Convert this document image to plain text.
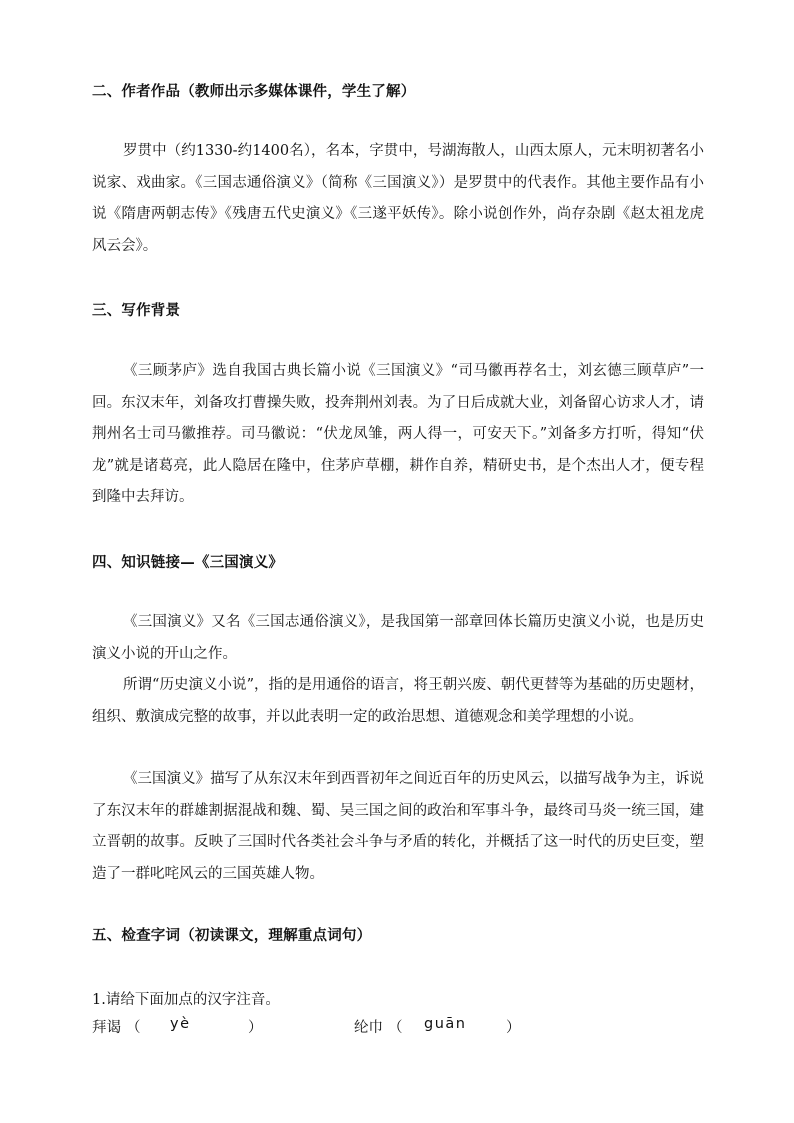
二、作者作品（教师出示多媒体课件，学生了解）
罗贯中（约1330-约1400名），名本，字贯中，号湖海散人，山西太原人，元末明初著名小说家、戏曲家。《三国志通俗演义》（简称《三国演义》）是罗贯中的代表作。其他主要作品有小说《隋唐两朝志传》《残唐五代史演义》《三遂平妖传》。除小说创作外，尚存杂剧《赵太祖龙虎风云会》。
三、写作背景
《三顾茅庐》选自我国古典长篇小说《三国演义》“司马徽再荐名士，刘玄德三顾草庐”一回。东汉末年，刘备攻打曹操失败，投奔荆州刘表。为了日后成就大业，刘备留心访求人才，请荆州名士司马徽推荐。司马徽说：“伏龙凤雏，两人得一，可安天下。”刘备多方打听，得知“伏龙”就是诸葛亮，此人隐居在隆中，住茅庐草棚，耕作自养，精研史书，是个杰出人才，便专程到隆中去拜访。
四、知识链接—《三国演义》
《三国演义》又名《三国志通俗演义》，是我国第一部章回体长篇历史演义小说，也是历史演义小说的开山之作。
所谓“历史演义小说”，指的是用通俗的语言，将王朝兴废、朝代更替等为基础的历史题材，组织、敷演成完整的故事，并以此表明一定的政治思想、道德观念和美学理想的小说。
《三国演义》描写了从东汉末年到西晋初年之间近百年的历史风云，以描写战争为主，诉说了东汉末年的群雄割据混战和魏、蜀、吴三国之间的政治和军事斗争，最终司马炎一统三国，建立晋朝的故事。反映了三国时代各类社会斗争与矛盾的转化，并概括了这一时代的历史巨变，塑造了一群叱咤风云的三国英雄人物。
五、检查字词（初读课文，理解重点词句）
1.请给下面加点的汉字注音。
拜谒 （ yè	）	纶巾 （ guān	）
